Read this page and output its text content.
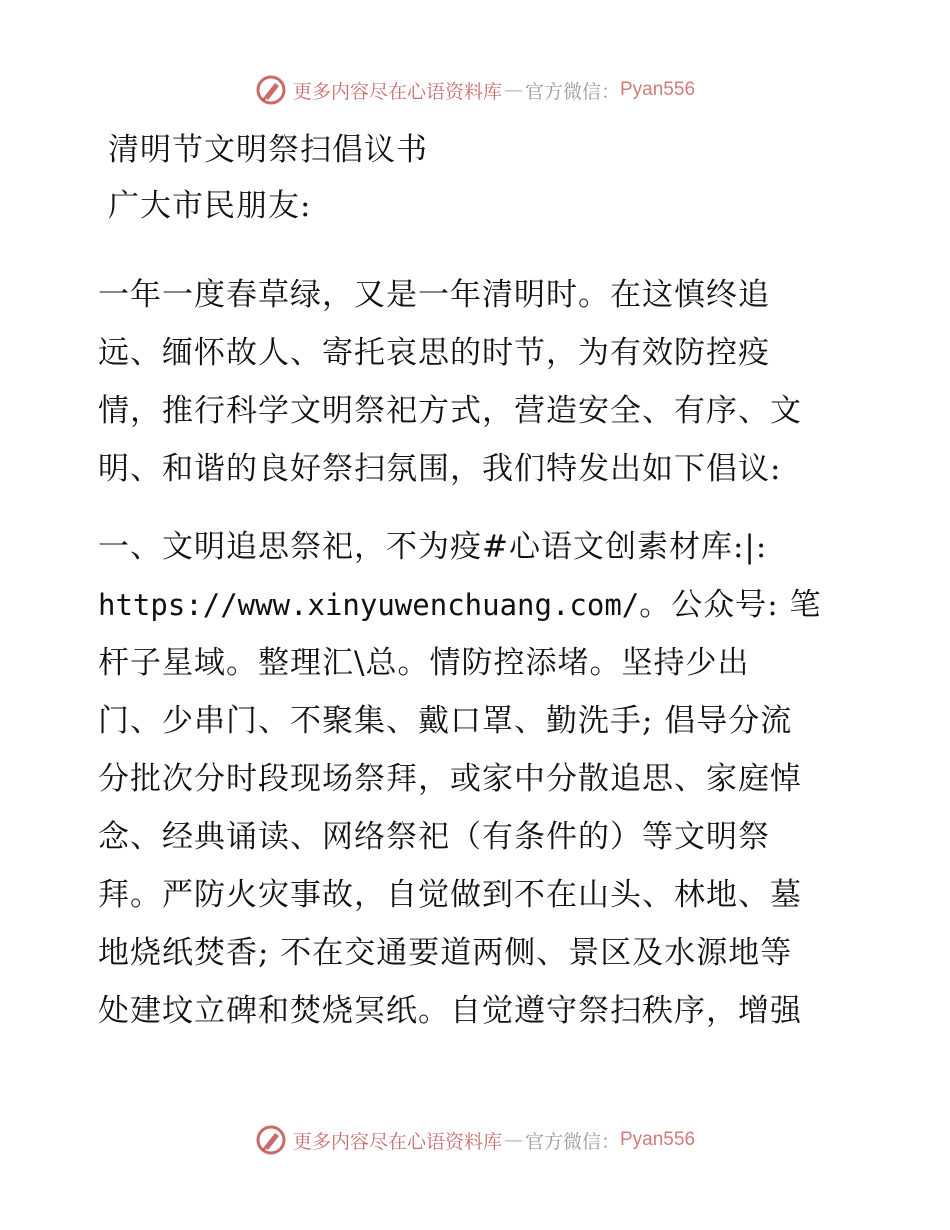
更多内容尽在心语资料库 — 官方微信： Pyan556
清明节文明祭扫倡议书
广大市民朋友:
一年一度春草绿，又是一年清明时。在这慎终追
远、缅怀故人、寄托哀思的时节，为有效防控疫
情，推行科学文明祭祀方式，营造安全、有序、文
明、和谐的良好祭扫氛围，我们特发出如下倡议:
一、文明追思祭祀，不为疫#心语文创素材库:|:
https://www.xinyuwenchuang.com/。公众号: 笔
杆子星域。整理汇\总。情防控添堵。坚持少出
门、少串门、不聚集、戴口罩、勤洗手; 倡导分流
分批次分时段现场祭拜，或家中分散追思、家庭悼
念、经典诵读、网络祭祀（有条件的）等文明祭
拜。严防火灾事故，自觉做到不在山头、林地、墓
地烧纸焚香; 不在交通要道两侧、景区及水源地等
处建坟立碑和焚烧冥纸。自觉遵守祭扫秩序，增强
更多内容尽在心语资料库 — 官方微信： Pyan556
